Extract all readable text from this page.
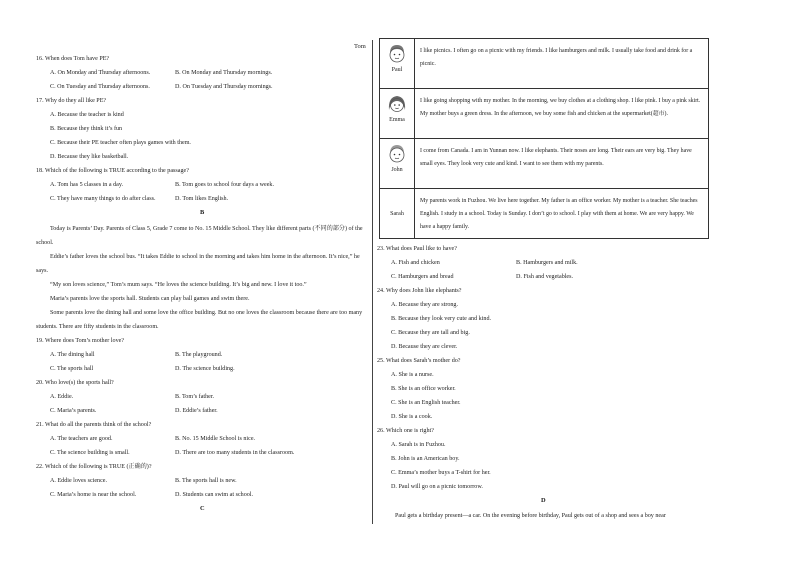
Tom
16. When does Tom have PE?
A. On Monday and Thursday afternoons.	B. On Monday and Thursday mornings.
C. On Tuesday and Thursday afternoons.	D. On Tuesday and Thursday mornings.
17. Why do they all like PE?
A. Because the teacher is kind
B. Because they think it’s fun
C. Because their PE teacher often plays games with them.
D. Because they like basketball.
18. Which of the following is TRUE according to the passage?
A. Tom has 5 classes in a day.	B. Tom goes to school four days a week.
C. They have many things to do after class.	D. Tom likes English.
B
Today is Parents’ Day. Parents of Class 5, Grade 7 come to No. 15 Middle School. They like different parts (不同的部分) of the school.
Eddie’s father loves the school bus. “It takes Eddie to school in the morning and takes him home in the afternoon. It’s nice,” he says.
“My son loves science,” Tom’s mum says. “He loves the science building. It’s big and new. I love it too.”
Maria’s parents love the sports hall. Students can play ball games and swim there.
Some parents love the dining hall and some love the office building. But no one loves the classroom because there are too many students. There are fifty students in the classroom.
19. Where does Tom’s mother love?
A. The dining hall	B. The playground.
C. The sports hall	D. The science building.
20. Who love(s) the sports hall?
A. Eddie.	B. Tom’s father.
C. Maria’s parents.	D. Eddie’s father.
21. What do all the parents think of the school?
A. The teachers are good.	B. No. 15 Middle School is nice.
C. The science building is small.	D. There are too many students in the classroom.
22. Which of the following is TRUE (正确的)?
A. Eddie loves science.	B. The sports hall is new.
C. Maria’s home is near the school.	D. Students can swim at school.
C
Paul	I like picnics. I often go on a picnic with my friends. I like hamburgers and milk. I usually take food and drink for a picnic.

Emma	I like going shopping with my mother. In the morning, we buy clothes at a clothing shop. I like pink. I buy a pink skirt. My mother buys a green dress. In the afternoon, we buy some fish and chicken at the supermarket(超市).

John	I come from Canada. I am in Yunnan now. I like elephants. Their noses are long. Their ears are very big. They have small eyes. They look very cute and kind. I want to see them with my parents.

Sarah	My parents work in Fuzhou. We live here together. My father is an office worker. My mother is a teacher. She teaches English. I study in a school. Today is Sunday. I don’t go to school. I play with them at home. We are very happy. We have a happy family.
23. What does Paul like to have?
A. Fish and chicken	B. Hamburgers and milk.
C. Hamburgers and bread	D. Fish and vegetables.
24. Why does John like elephants?
A. Because they are strong.
B. Because they look very cute and kind.
C. Because they are tall and big.
D. Because they are clever.
25. What does Sarah’s mother do?
A. She is a nurse.
B. She is an office worker.
C. She is an English teacher.
D. She is a cook.
26. Which one is right?
A. Sarah is in Fuzhou.
B. John is an American boy.
C. Emma’s mother buys a T-shirt for her.
D. Paul will go on a picnic tomorrow.
D
Paul gets a birthday present—a car. On the evening before birthday, Paul gets out of a shop and sees a boy near
